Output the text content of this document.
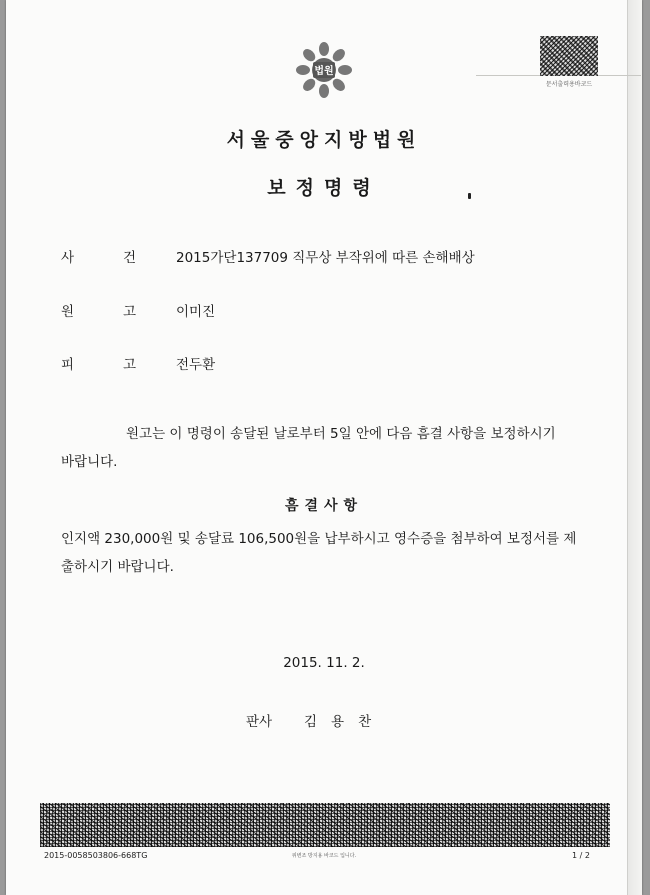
법원
문서출력용바코드
서울중앙지방법원
보정명령
사	건	2015가단137709 직무상 부작위에 따른 손해배상
원	고	이미진
피	고	전두환
원고는 이 명령이 송달된 날로부터 5일 안에 다음 흠결 사항을 보정하시기
바랍니다.
흠결사항
인지액 230,000원 및 송달료 106,500원을 납부하시고 영수증을 첨부하여 보정서를 제
출하시기 바랍니다.
2015. 11. 2.
판사 김용찬
2015-0058503806-668TG	위변조 방지용 바코드 입니다.	1 / 2
